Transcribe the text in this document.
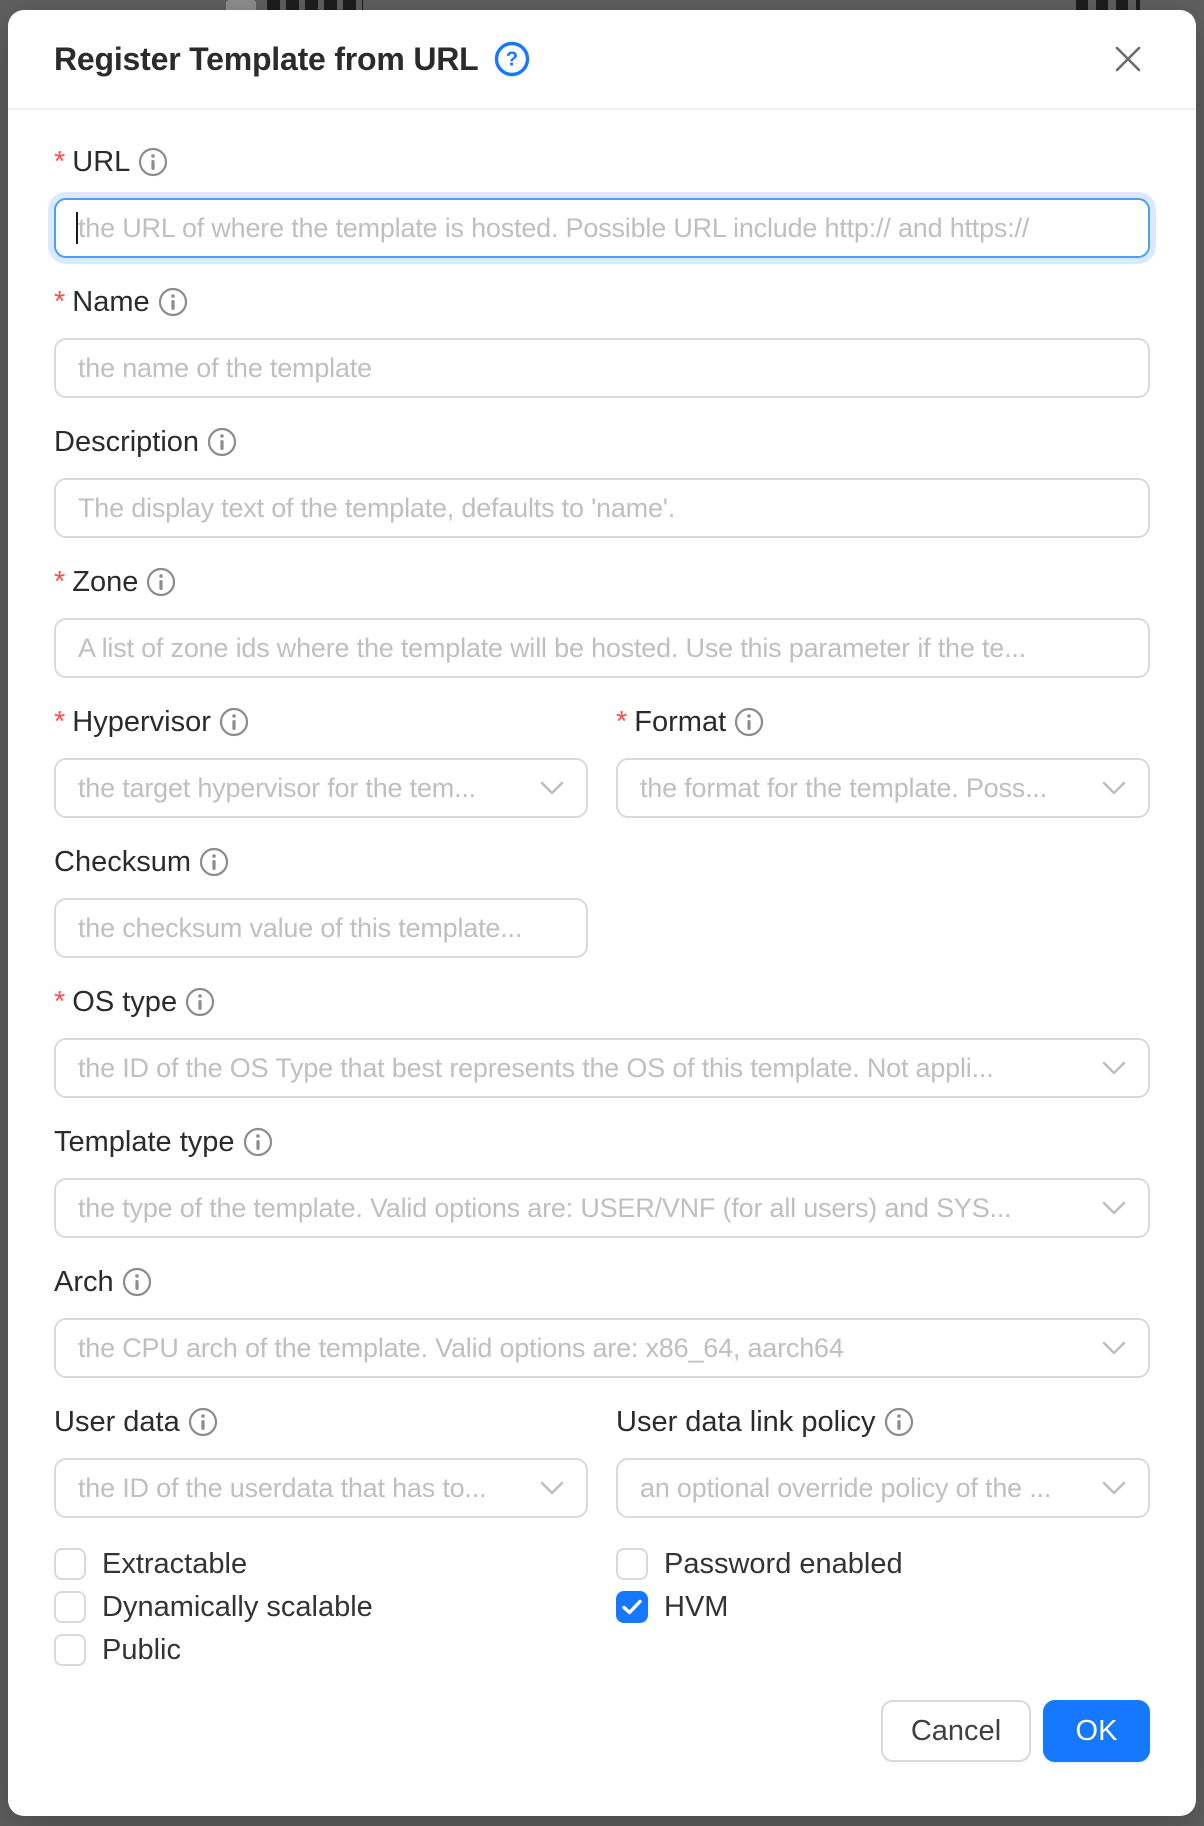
Register Template from URL ?
* URL
the URL of where the template is hosted. Possible URL include http:// and https://
* Name
the name of the template
Description
The display text of the template, defaults to 'name'.
* Zone
A list of zone ids where the template will be hosted. Use this parameter if the te...
* Hypervisor
the target hypervisor for the tem...
* Format
the format for the template. Poss...
Checksum
the checksum value of this template...
* OS type
the ID of the OS Type that best represents the OS of this template. Not appli...
Template type
the type of the template. Valid options are: USER/VNF (for all users) and SYS...
Arch
the CPU arch of the template. Valid options are: x86_64, aarch64
User data
the ID of the userdata that has to...
User data link policy
an optional override policy of the ...
Extractable	Password enabled
Dynamically scalable	HVM
Public
Cancel	OK
